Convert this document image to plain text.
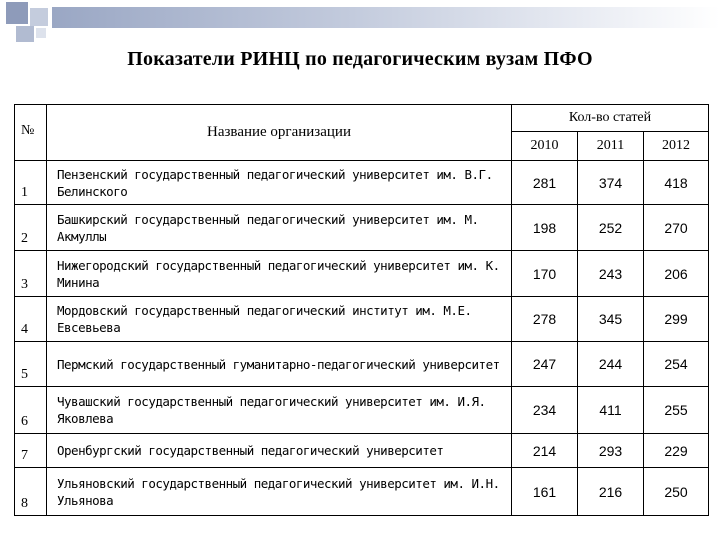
Показатели РИНЦ по педагогическим вузам ПФО
№	Название организации	Кол-во статей		
		2010	2011	2012
1	Пензенский государственный педагогический университет им. В.Г. Белинского	281	374	418
2	Башкирский государственный педагогический университет им. М. Акмуллы	198	252	270
3	Нижегородский государственный педагогический университет им. К. Минина	170	243	206
4	Мордовский государственный педагогический институт им. М.Е. Евсевьева	278	345	299
5	Пермский государственный гуманитарно-педагогический университет	247	244	254
6	Чувашский государственный педагогический университет им. И.Я. Яковлева	234	411	255
7	Оренбургский государственный педагогический университет	214	293	229
8	Ульяновский государственный педагогический университет им. И.Н. Ульянова	161	216	250
